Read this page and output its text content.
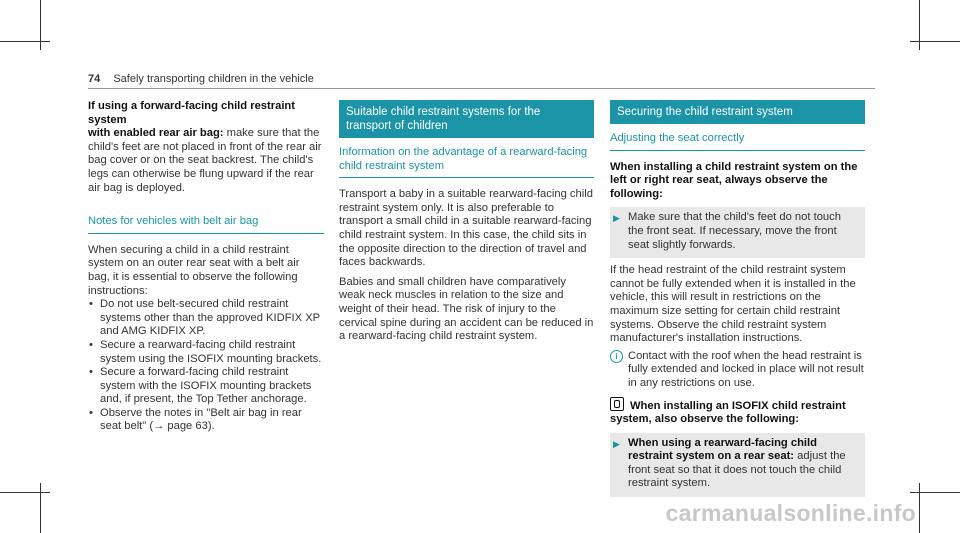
74 Safely transporting children in the vehicle

If using a forward-facing child restraint system

with enabled rear air bag: make sure that the child's feet are not placed in front of the rear air bag cover or on the seat backrest. The child's legs can otherwise be flung upward if the rear air bag is deployed.

Notes for vehicles with belt air bag

When securing a child in a child restraint system on an outer rear seat with a belt air bag, it is essential to observe the following instructions:

• Do not use belt-secured child restraint systems other than the approved KIDFIX XP and AMG KIDFIX XP.
• Secure a rearward-facing child restraint system using the ISOFIX mounting brackets.
• Secure a forward-facing child restraint system with the ISOFIX mounting brackets and, if present, the Top Tether anchorage.
• Observe the notes in "Belt air bag in rear seat belt" (→ page 63).
Suitable child restraint systems for the transport of children

Information on the advantage of a rearward-facing child restraint system

Transport a baby in a suitable rearward-facing child restraint system only. It is also preferable to transport a small child in a suitable rearward-facing child restraint system. In this case, the child sits in the opposite direction to the direction of travel and faces backwards.

Babies and small children have comparatively weak neck muscles in relation to the size and weight of their head. The risk of injury to the cervical spine during an accident can be reduced in a rearward-facing child restraint system.

Securing the child restraint system

Adjusting the seat correctly

When installing a child restraint system on the left or right rear seat, always observe the following:

▶ Make sure that the child's feet do not touch the front seat. If necessary, move the front seat slightly forwards.

If the head restraint of the child restraint system cannot be fully extended when it is installed in the vehicle, this will result in restrictions on the maximum size setting for certain child restraint systems. Observe the child restraint system manufacturer's installation instructions.

i Contact with the roof when the head restraint is fully extended and locked in place will not result in any restrictions on use.

When installing an ISOFIX child restraint system, also observe the following:

▶ When using a rearward-facing child restraint system on a rear seat: adjust the front seat so that it does not touch the child restraint system.
carmanualsonline.info
